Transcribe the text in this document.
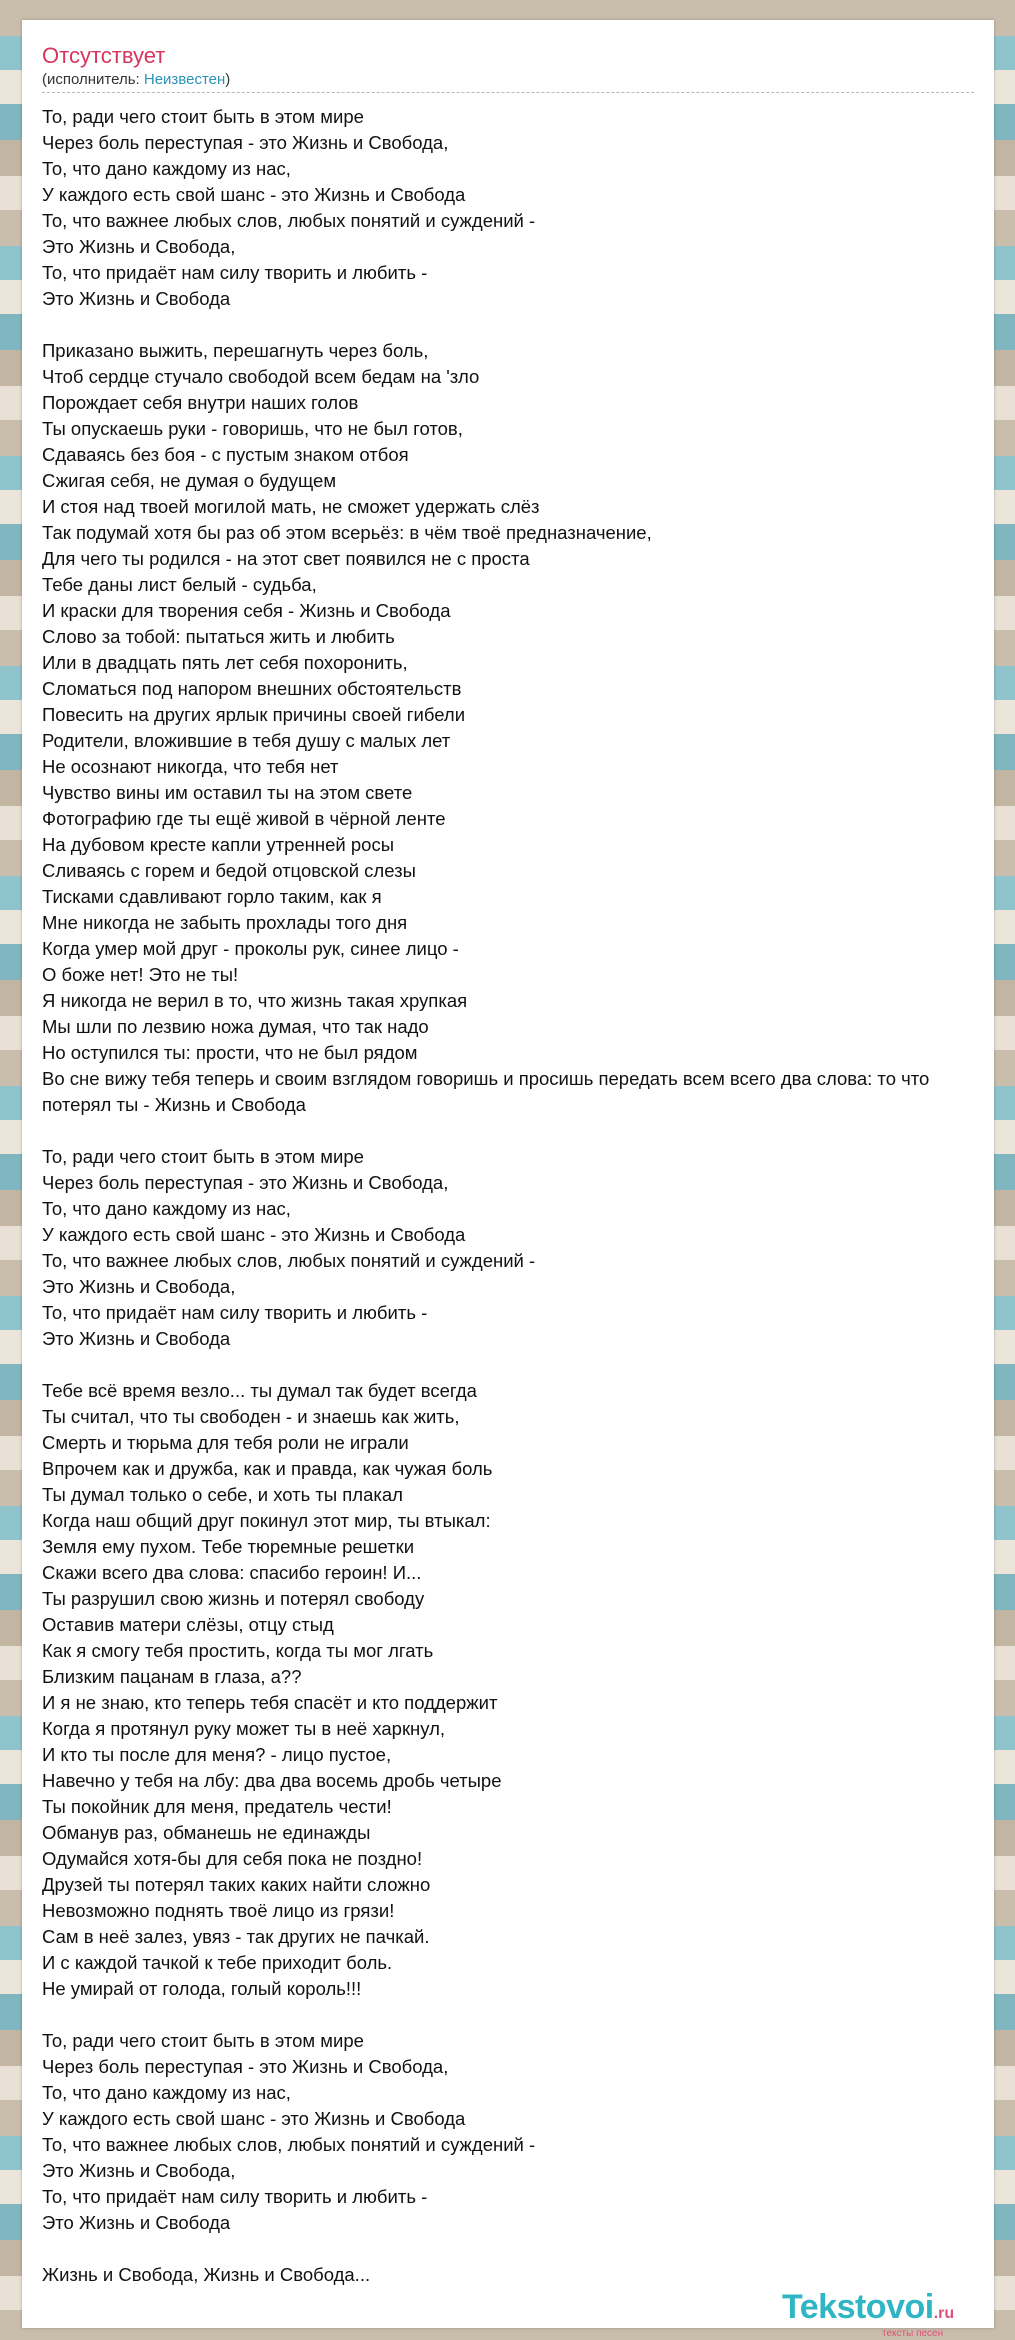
Отсутствует
(исполнитель: Неизвестен)
То, ради чего стоит быть в этом мире
Через боль переступая - это Жизнь и Свобода,
То, что дано каждому из нас,
У каждого есть свой шанс - это Жизнь и Свобода
То, что важнее любых слов, любых понятий и суждений -
Это Жизнь и Свобода,
То, что придаёт нам силу творить и любить -
Это Жизнь и Свобода

Приказано выжить, перешагнуть через боль,
Чтоб сердце стучало свободой всем бедам на 'зло
Порождает себя внутри наших голов
Ты опускаешь руки - говоришь, что не был готов,
Сдаваясь без боя - с пустым знаком отбоя
Сжигая себя, не думая о будущем
И стоя над твоей могилой мать, не сможет удержать слёз
Так подумай хотя бы раз об этом всерьёз: в чём твоё предназначение,
Для чего ты родился - на этот свет появился не с проста
Тебе даны лист белый - судьба,
И краски для творения себя - Жизнь и Свобода
Слово за тобой: пытаться жить и любить
Или в двадцать пять лет себя похоронить,
Сломаться под напором внешних обстоятельств
Повесить на других ярлык причины своей гибели
Родители, вложившие в тебя душу с малых лет
Не осознают никогда, что тебя нет
Чувство вины им оставил ты на этом свете
Фотографию где ты ещё живой в чёрной ленте
На дубовом кресте капли утренней росы
Сливаясь с горем и бедой отцовской слезы
Тисками сдавливают горло таким, как я
Мне никогда не забыть прохлады того дня
Когда умер мой друг - проколы рук, синее лицо -
О боже нет! Это не ты!
Я никогда не верил в то, что жизнь такая хрупкая
Мы шли по лезвию ножа думая, что так надо
Но оступился ты: прости, что не был рядом
Во сне вижу тебя теперь и своим взглядом говоришь и просишь передать всем всего два слова: то что
потерял ты - Жизнь и Свобода

То, ради чего стоит быть в этом мире
Через боль переступая - это Жизнь и Свобода,
То, что дано каждому из нас,
У каждого есть свой шанс - это Жизнь и Свобода
То, что важнее любых слов, любых понятий и суждений -
Это Жизнь и Свобода,
То, что придаёт нам силу творить и любить -
Это Жизнь и Свобода

Тебе всё время везло... ты думал так будет всегда
Ты считал, что ты свободен - и знаешь как жить,
Смерть и тюрьма для тебя роли не играли
Впрочем как и дружба, как и правда, как чужая боль
Ты думал только о себе, и хоть ты плакал
Когда наш общий друг покинул этот мир, ты втыкал:
Земля ему пухом. Тебе тюремные решетки
Скажи всего два слова: спасибо героин! И...
Ты разрушил свою жизнь и потерял свободу
Оставив матери слёзы, отцу стыд
Как я смогу тебя простить, когда ты мог лгать
Близким пацанам в глаза, а??
И я не знаю, кто теперь тебя спасёт и кто поддержит
Когда я протянул руку может ты в неё харкнул,
И кто ты после для меня? - лицо пустое,
Навечно у тебя на лбу: два два восемь дробь четыре
Ты покойник для меня, предатель чести!
Обманув раз, обманешь не единажды
Одумайся хотя-бы для себя пока не поздно!
Друзей ты потерял таких каких найти сложно
Невозможно поднять твоё лицо из грязи!
Сам в неё залез, увяз - так других не пачкай.
И с каждой тачкой к тебе приходит боль.
Не умирай от голода, голый король!!!

То, ради чего стоит быть в этом мире
Через боль переступая - это Жизнь и Свобода,
То, что дано каждому из нас,
У каждого есть свой шанс - это Жизнь и Свобода
То, что важнее любых слов, любых понятий и суждений -
Это Жизнь и Свобода,
То, что придаёт нам силу творить и любить -
Это Жизнь и Свобода

Жизнь и Свобода, Жизнь и Свобода...
Tekstovoi.ru
тексты песен
